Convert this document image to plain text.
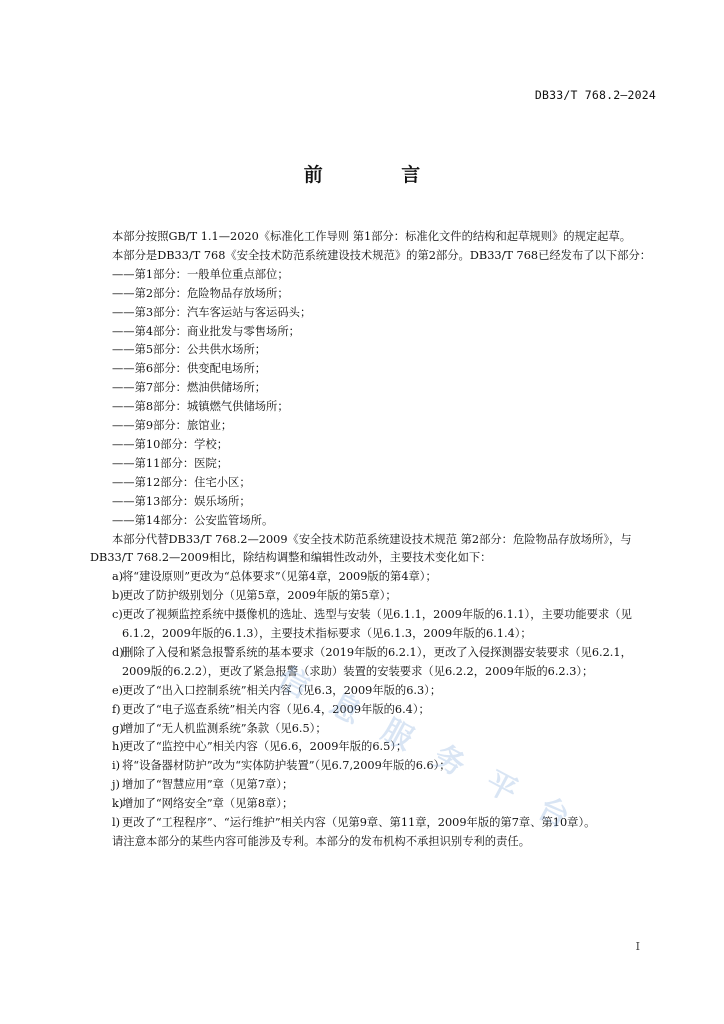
DB33/T 768.2—2024
前 言

本部分按照GB/T 1.1—2020《标准化工作导则 第1部分：标准化文件的结构和起草规则》的规定起草。

本部分是DB33/T 768《安全技术防范系统建设技术规范》的第2部分。DB33/T 768已经发布了以下部分：

——第1部分：一般单位重点部位；

——第2部分：危险物品存放场所；

——第3部分：汽车客运站与客运码头；

——第4部分：商业批发与零售场所；

——第5部分：公共供水场所；

——第6部分：供变配电场所；

——第7部分：燃油供储场所；

——第8部分：城镇燃气供储场所；

——第9部分：旅馆业；

——第10部分：学校；

——第11部分：医院；

——第12部分：住宅小区；

——第13部分：娱乐场所；

——第14部分：公安监管场所。

本部分代替DB33/T 768.2—2009《安全技术防范系统建设技术规范 第2部分：危险物品存放场所》，与DB33/T 768.2—2009相比，除结构调整和编辑性改动外，主要技术变化如下：

a)
将“建设原则”更改为“总体要求”（见第4章，2009版的第4章）；

b)
更改了防护级别划分（见第5章，2009年版的第5章）；

c) 更改了视频监控系统中摄像机的选址、选型与安装（见6.1.1，2009年版的6.1.1），主要功能要求（见6.1.2，2009年版的6.1.3），主要技术指标要求（见6.1.3，2009年版的6.1.4）；

d)
删除了入侵和紧急报警系统的基本要求（2019年版的6.2.1），更改了入侵探测器安装要求（见6.2.1，2009版的6.2.2），更改了紧急报警（求助）装置的安装要求（见6.2.2，2009年版的6.2.3）；

e)
更改了“出入口控制系统”相关内容（见6.3，2009年版的6.3）；

f) 更改了“电子巡查系统”相关内容（见6.4，2009年版的6.4）；

g)
增加了“无人机监测系统”条款（见6.5）；

h)
更改了“监控中心”相关内容（见6.6，2009年版的6.5）；

i) 将“设备器材防护”改为“实体防护装置”（见6.7,2009年版的6.6）；

j) 增加了“智慧应用”章（见第7章）；

k)
增加了“网络安全”章（见第8章）；

l) 更改了“工程程序”、“运行维护”相关内容（见第9章、第11章，2009年版的第7章、第10章）。

请注意本部分的某些内容可能涉及专利。本部分的发布机构不承担识别专利的责任。

信
息
服
务
平
台
I
